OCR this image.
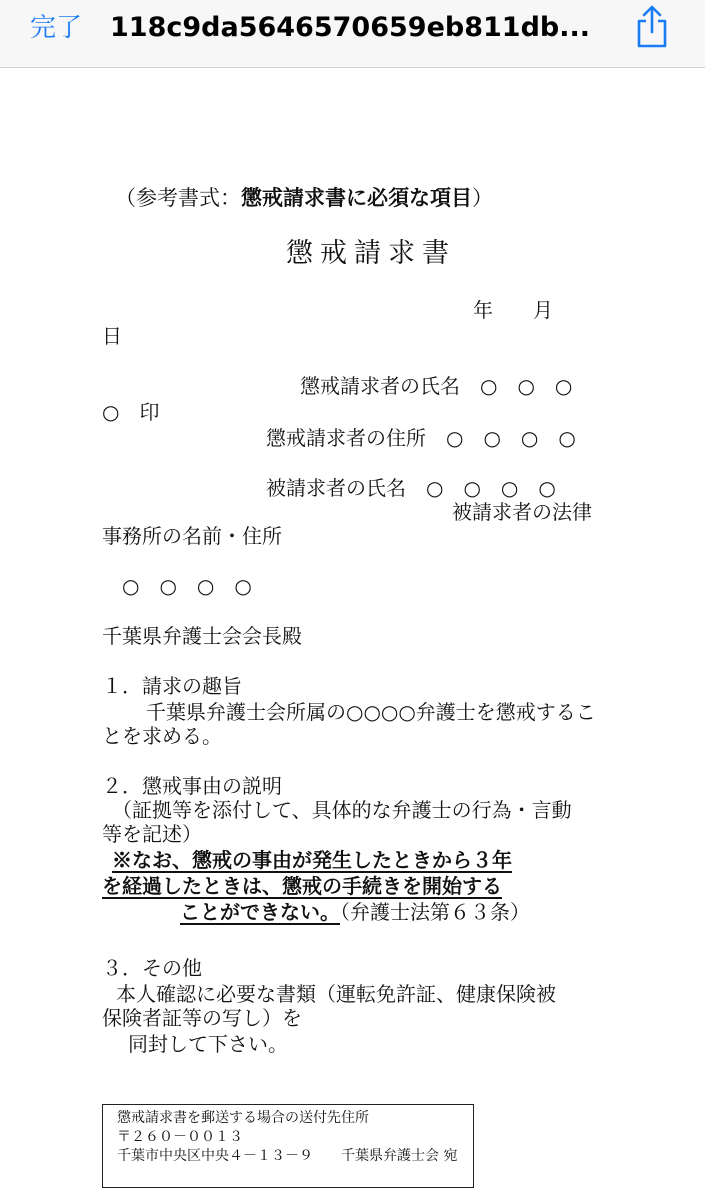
完了 118c9da5646570659eb811db...
（参考書式：懲戒請求書に必須な項目）
懲戒請求書
年　　月
日
懲戒請求者の氏名　○　○　○
○　印
懲戒請求者の住所　○　○　○　○
被請求者の氏名　○　○　○　○
被請求者の法律
事務所の名前・住所
○　○　○　○
千葉県弁護士会会長殿
１．請求の趣旨
千葉県弁護士会所属の○○○○弁護士を懲戒するこ
とを求める。
２．懲戒事由の説明
（証拠等を添付して、具体的な弁護士の行為・言動
等を記述）
※なお、懲戒の事由が発生したときから３年
を経過したときは、懲戒の手続きを開始する
ことができない。（弁護士法第６３条）
３．その他
本人確認に必要な書類（運転免許証、健康保険被
保険者証等の写し）を
同封して下さい。
懲戒請求書を郵送する場合の送付先住所
〒２６０－００１３
千葉市中央区中央４－１３－９　　千葉県弁護士会 宛
